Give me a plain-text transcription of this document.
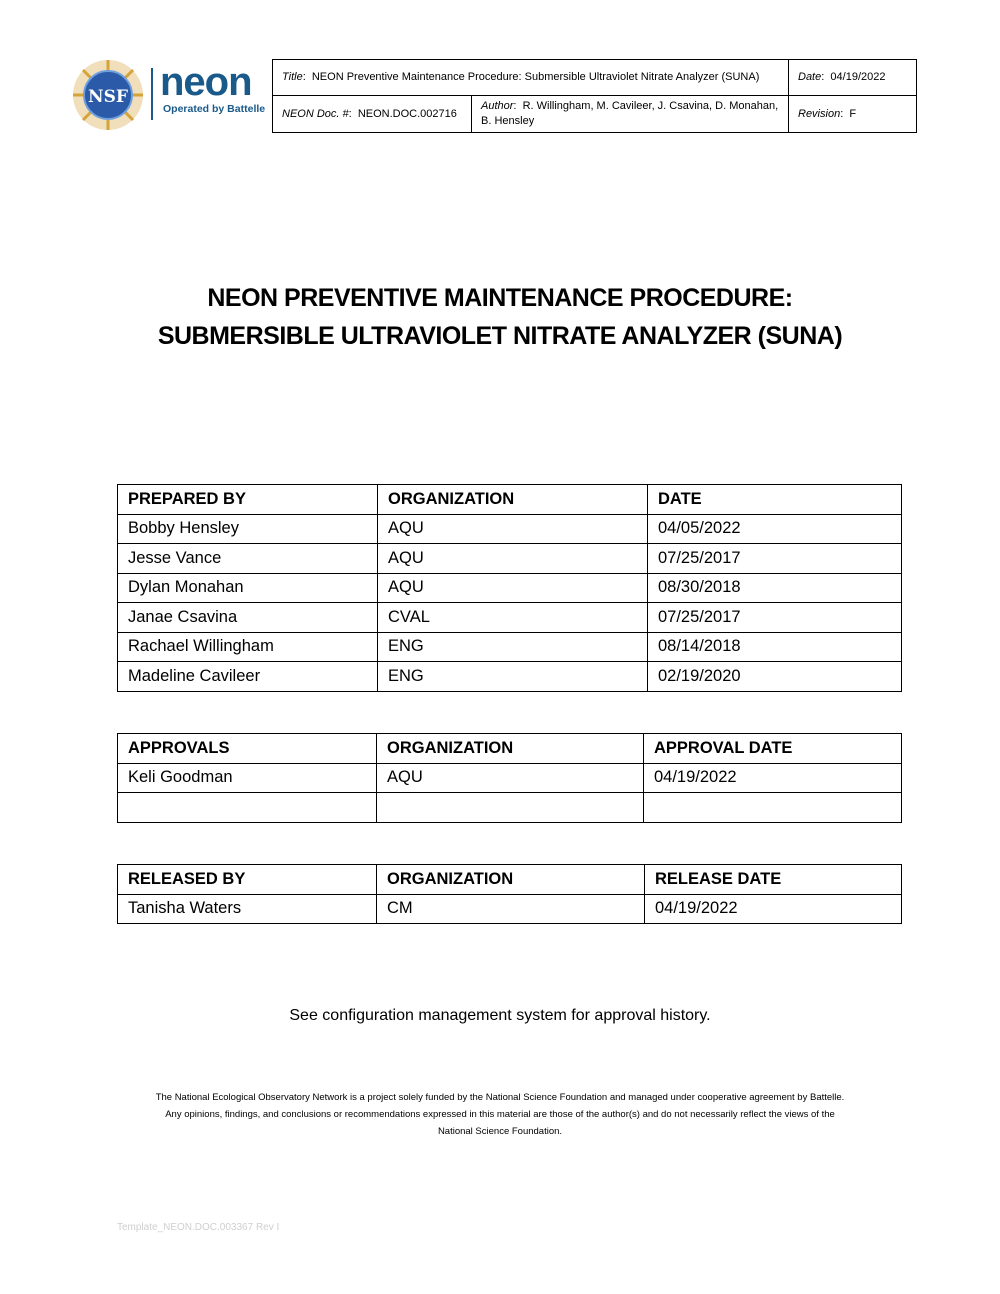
NSF neon
Operated by Battelle
Title:  NEON Preventive Maintenance Procedure: Submersible Ultraviolet Nitrate Analyzer (SUNA)		Date:  04/19/2022
NEON Doc. #:  NEON.DOC.002716	Author:  R. Willingham, M. Cavileer, J. Csavina, D. Monahan, B. Hensley	Revision:  F
NEON PREVENTIVE MAINTENANCE PROCEDURE:
SUBMERSIBLE ULTRAVIOLET NITRATE ANALYZER (SUNA)
PREPARED BY	ORGANIZATION	DATE
Bobby Hensley	AQU	04/05/2022
Jesse Vance	AQU	07/25/2017
Dylan Monahan	AQU	08/30/2018
Janae Csavina	CVAL	07/25/2017
Rachael Willingham	ENG	08/14/2018
Madeline Cavileer	ENG	02/19/2020
APPROVALS	ORGANIZATION	APPROVAL DATE
Keli Goodman	AQU	04/19/2022

RELEASED BY	ORGANIZATION	RELEASE DATE
Tanisha Waters	CM	04/19/2022
See configuration management system for approval history.
The National Ecological Observatory Network is a project solely funded by the National Science Foundation and managed under cooperative agreement by Battelle.
Any opinions, findings, and conclusions or recommendations expressed in this material are those of the author(s) and do not necessarily reflect the views of the
National Science Foundation.
Template_NEON.DOC.003367 Rev I
